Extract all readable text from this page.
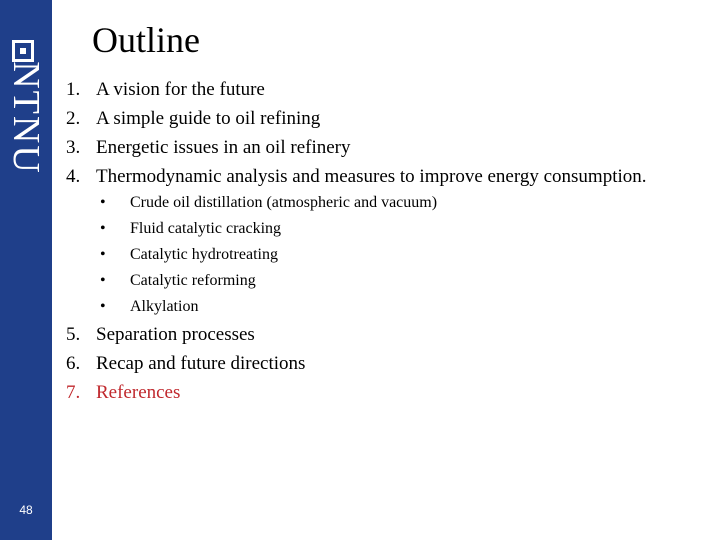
NTNU
48
Outline
1. A vision for the future
2. A simple guide to oil refining
3. Energetic issues in an oil refinery
4. Thermodynamic analysis and measures to improve energy consumption.
• Crude oil distillation (atmospheric and vacuum)
• Fluid catalytic cracking
• Catalytic hydrotreating
• Catalytic reforming
• Alkylation
5. Separation processes
6. Recap and future directions
7. References
